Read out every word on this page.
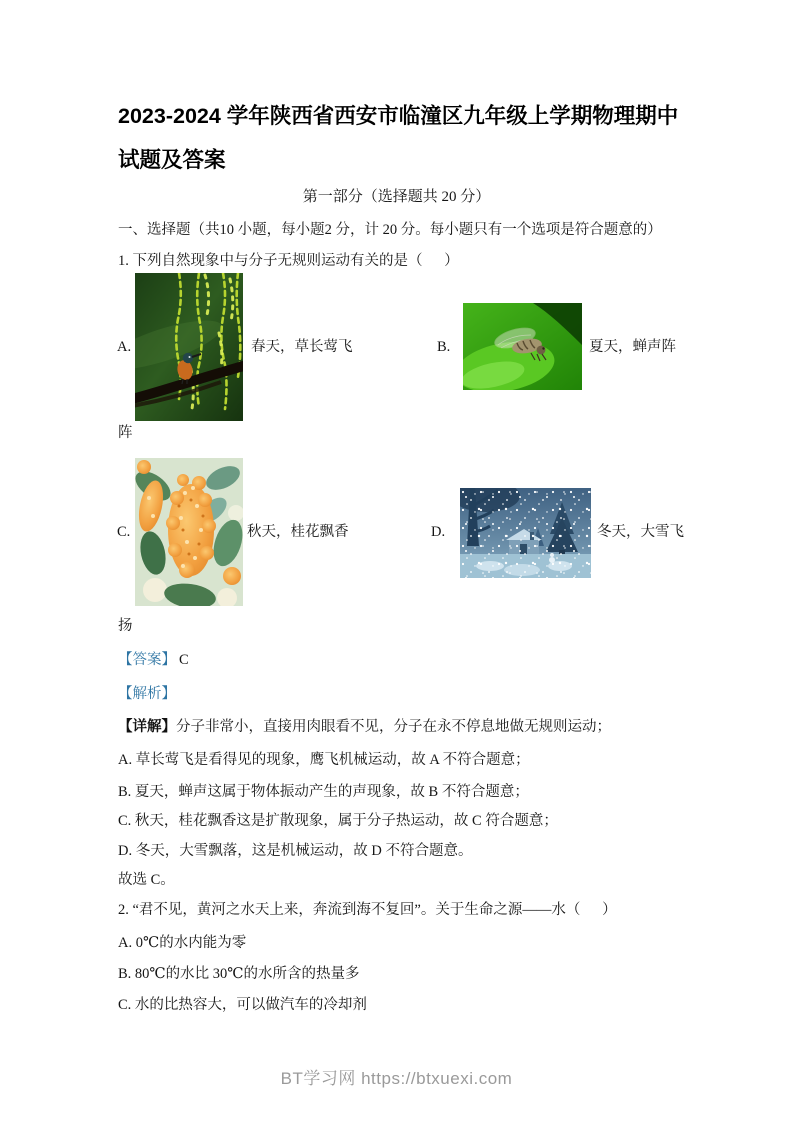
2023-2024 学年陕西省西安市临潼区九年级上学期物理期中
试题及答案
第一部分（选择题共 20 分）
一、选择题（共10 小题，每小题2 分，计 20 分。每小题只有一个选项是符合题意的）
1. 下列自然现象中与分子无规则运动有关的是（      ）
A.	春天，草长莺飞	B.	夏天，蝉声阵
阵
C.	秋天，桂花飘香	D.	冬天，大雪飞
扬
【答案】 C
【解析】
【详解】分子非常小，直接用肉眼看不见，分子在永不停息地做无规则运动；
A. 草长莺飞是看得见的现象，鹰飞机械运动，故 A 不符合题意；
B. 夏天，蝉声这属于物体振动产生的声现象，故 B 不符合题意；
C. 秋天，桂花飘香这是扩散现象，属于分子热运动，故 C 符合题意；
D. 冬天，大雪飘落，这是机械运动，故 D 不符合题意。
故选 C。
2. “君不见，黄河之水天上来，奔流到海不复回”。关于生命之源——水（      ）
A. 0℃的水内能为零
B. 80℃的水比 30℃的水所含的热量多
C. 水的比热容大，可以做汽车的冷却剂
BT学习网 https://btxuexi.com
